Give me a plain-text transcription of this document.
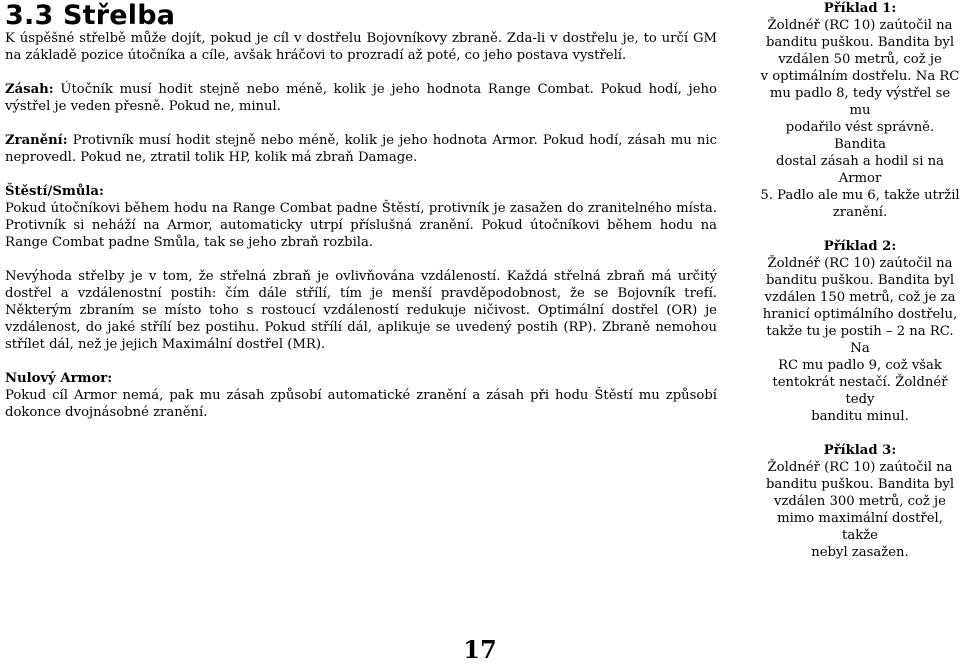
3.3 Střelba

K úspěšné střelbě může dojít, pokud je cíl v dostřelu Bojovníkovy zbraně. Zda-li v dostřelu je, to určí GM na základě pozice útočníka a cíle, avšak hráčovi to prozradí až poté, co jeho postava vystřelí.

Zásah: Útočník musí hodit stejně nebo méně, kolik je jeho hodnota Range Combat. Pokud hodí, jeho výstřel je veden přesně. Pokud ne, minul.

Zranění: Protivník musí hodit stejně nebo méně, kolik je jeho hodnota Armor. Pokud hodí, zásah mu nic neprovedl. Pokud ne, ztratil tolik HP, kolik má zbraň Damage.

Štěstí/Smůla:

Pokud útočníkovi během hodu na Range Combat padne Štěstí, protivník je zasažen do zranitelného místa. Protivník si neháží na Armor, automaticky utrpí příslušná zranění. Pokud útočníkovi během hodu na Range Combat padne Smůla, tak se jeho zbraň rozbila.

Nevýhoda střelby je v tom, že střelná zbraň je ovlivňována vzdáleností. Každá střelná zbraň má určitý dostřel a vzdálenostní postih: čím dále střílí, tím je menší pravděpodobnost, že se Bojovník trefí. Některým zbraním se místo toho s rostoucí vzdáleností redukuje ničivost. Optimální dostřel (OR) je vzdálenost, do jaké střílí bez postihu. Pokud střílí dál, aplikuje se uvedený postih (RP). Zbraně nemohou střílet dál, než je jejich Maximální dostřel (MR).

Nulový Armor:

Pokud cíl Armor nemá, pak mu zásah způsobí automatické zranění a zásah při hodu Štěstí mu způsobí dokonce dvojnásobné zranění.

Příklad 1:
Žoldnéř (RC 10) zaútočil na
banditu puškou. Bandita byl
vzdálen 50 metrů, což je
v optimálním dostřelu. Na RC
mu padlo 8, tedy výstřel se mu
podařilo vést správně. Bandita
dostal zásah a hodil si na Armor
5. Padlo ale mu 6, takže utržil
zranění.
Příklad 2:
Žoldnéř (RC 10) zaútočil na
banditu puškou. Bandita byl
vzdálen 150 metrů, což je za
hranicí optimálního dostřelu,
takže tu je postih – 2 na RC. Na
RC mu padlo 9, což však
tentokrát nestačí. Žoldnéř tedy
banditu minul.
Příklad 3:
Žoldnéř (RC 10) zaútočil na
banditu puškou. Bandita byl
vzdálen 300 metrů, což je
mimo maximální dostřel, takže
nebyl zasažen.
17
